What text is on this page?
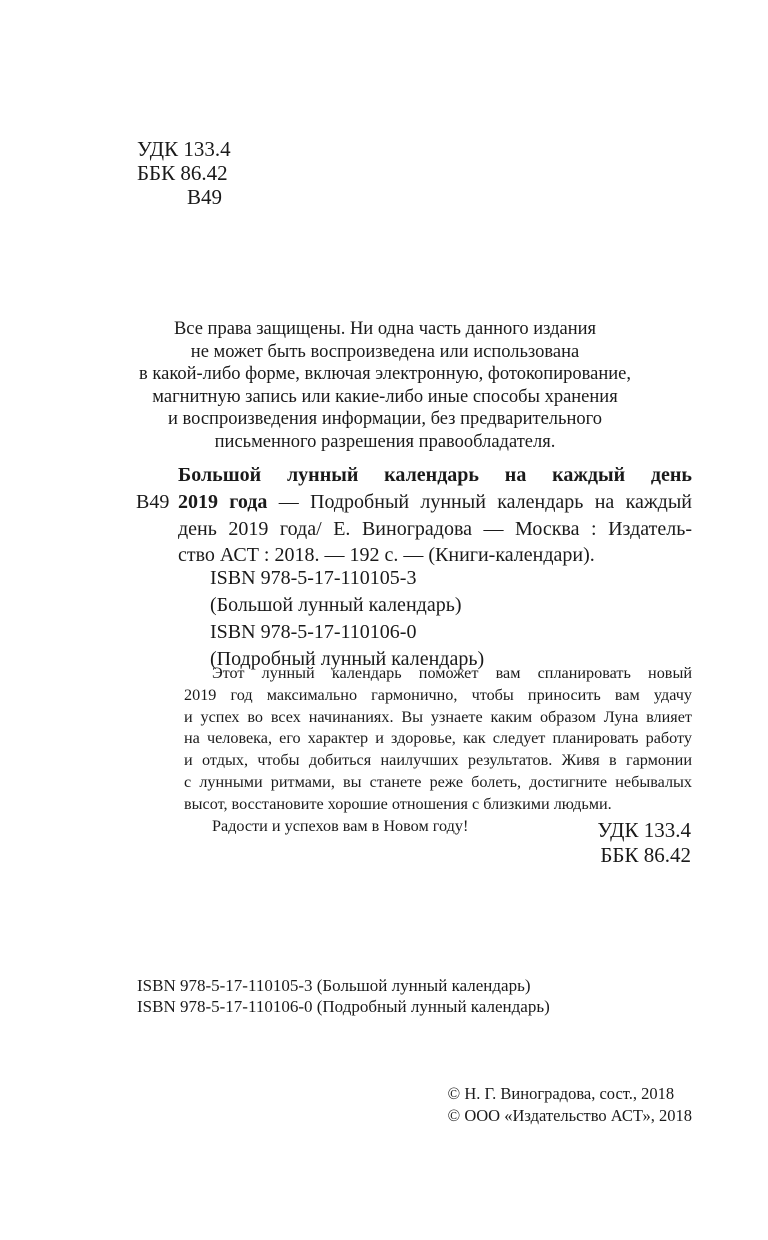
УДК 133.4
ББК 86.42
В49
Все права защищены. Ни одна часть данного издания
не может быть воспроизведена или использована
в какой-либо форме, включая электронную, фотокопирование,
магнитную запись или какие-либо иные способы хранения
и воспроизведения информации, без предварительного
письменного разрешения правообладателя.
В49
Большой лунный календарь на каждый день
2019 года — Подробный лунный календарь на каждый
день 2019 года/ Е. Виноградова — Москва : Издатель-
ство АСТ : 2018. — 192 с. — (Книги-календари).
ISBN 978-5-17-110105-3
(Большой лунный календарь)
ISBN 978-5-17-110106-0
(Подробный лунный календарь)
Этот лунный календарь поможет вам спланировать новый
2019 год максимально гармонично, чтобы приносить вам удачу
и успех во всех начинаниях. Вы узнаете каким образом Луна влияет
на человека, его характер и здоровье, как следует планировать работу
и отдых, чтобы добиться наилучших результатов. Живя в гармонии
с лунными ритмами, вы станете реже болеть, достигните небывалых
высот, восстановите хорошие отношения с близкими людьми.
Радости и успехов вам в Новом году!	УДК 133.4
ББК 86.42
ISBN 978-5-17-110105-3 (Большой лунный календарь)
ISBN 978-5-17-110106-0 (Подробный лунный календарь)
© Н. Г. Виноградова, сост., 2018
© ООО «Издательство АСТ», 2018
